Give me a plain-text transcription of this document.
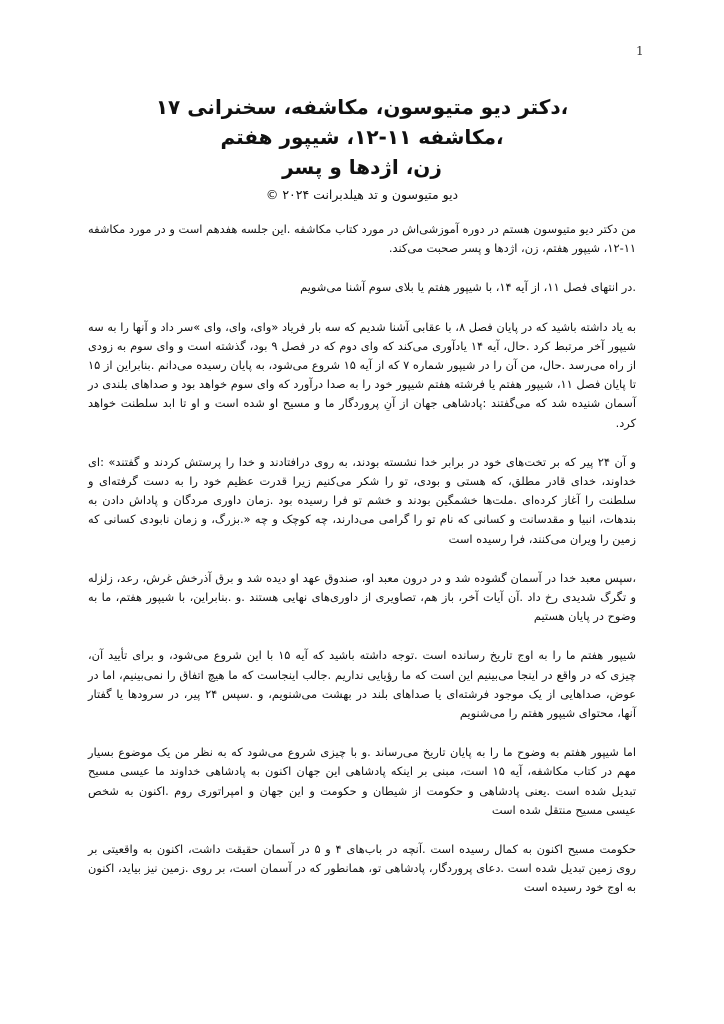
1
،دکتر دیو متیوسون، مکاشفه، سخنرانی ۱۷
،مکاشفه ۱۱-۱۲، شیپور هفتم
زن، اژدها و پسر
دیو متیوسون و تد هیلدبرانت ۲۰۲۴ ©

من دکتر دیو متیوسون هستم در دوره آموزشی‌اش در مورد کتاب مکاشفه .این جلسه هفدهم است و در مورد مکاشفه ۱۱-۱۲، شیپور هفتم، زن، اژدها و پسر صحبت می‌کند.

.در انتهای فصل ۱۱، از آیه ۱۴، با شیپور هفتم یا بلای سوم آشنا می‌شویم

به یاد داشته باشید که در پایان فصل ۸، با عقابی آشنا شدیم که سه بار فریاد «وای، وای، وای »سر داد و آنها را به سه شیپور آخر مرتبط کرد .حال، آیه ۱۴ یادآوری می‌کند که وای دوم که در فصل ۹ بود، گذشته است و وای سوم به زودی از راه می‌رسد .حال، من آن را در شیپور شماره ۷ که از آیه ۱۵ شروع می‌شود، به پایان رسیده می‌دانم .بنابراین از ۱۵ تا پایان فصل ۱۱، شیپور هفتم یا فرشته هفتم شیپور خود را به صدا درآورد که وای سوم خواهد بود و صداهای بلندی در آسمان شنیده شد که می‌گفتند :پادشاهی جهان از آنِ پروردگار ما و مسیح او شده است و او تا ابد سلطنت خواهد کرد.

و آن ۲۴ پیر که بر تخت‌های خود در برابر خدا نشسته بودند، به روی درافتادند و خدا را پرستش کردند و گفتند» :ای خداوند، خدای قادر مطلق، که هستی و بودی، تو را شکر می‌کنیم زیرا قدرت عظیم خود را به دست گرفته‌ای و سلطنت را آغاز کرده‌ای .ملت‌ها خشمگین بودند و خشم تو فرا رسیده بود .زمان داوری مردگان و پاداش دادن به بندهات، انبیا و مقدسانت و کسانی که نام تو را گرامی می‌دارند، چه کوچک و چه «.بزرگ، و زمان نابودی کسانی که زمین را ویران می‌کنند، فرا رسیده است

،سپس معبد خدا در آسمان گشوده شد و در درون معبد او، صندوق عهد او دیده شد و برق آذرخش غرش، رعد، زلزله و تگرگ شدیدی رخ داد .آن آیات آخر، باز هم، تصاویری از داوری‌های نهایی هستند .و .بنابراین، با شیپور هفتم، ما به وضوح در پایان هستیم

شیپور هفتم ما را به اوج تاریخ رسانده است .توجه داشته باشید که آیه ۱۵ با این شروع می‌شود، و برای تأیید آن، چیزی که در واقع در اینجا می‌بینیم این است که ما رؤیایی نداریم .جالب اینجاست که ما هیچ اتفاق را نمی‌بینیم، اما در عوض، صداهایی از یک موجود فرشته‌ای یا صداهای بلند در بهشت می‌شنویم، و .سپس ۲۴ پیر، در سرودها یا گفتار آنها، محتوای شیپور هفتم را می‌شنویم

اما شیپور هفتم به وضوح ما را به پایان تاریخ می‌رساند .و با چیزی شروع می‌شود که به نظر من یک موضوع بسیار مهم در کتاب مکاشفه، آیه ۱۵ است، مبنی بر اینکه پادشاهی این جهان اکنون به پادشاهی خداوند ما عیسی مسیح تبدیل شده است .یعنی پادشاهی و حکومت از شیطان و حکومت و این جهان و امپراتوری روم .اکنون به شخص عیسی مسیح منتقل شده است

حکومت مسیح اکنون به کمال رسیده است .آنچه در باب‌های ۴ و ۵ در آسمان حقیقت داشت، اکنون به واقعیتی بر روی زمین تبدیل شده است .دعای پروردگار، پادشاهی تو، همانطور که در آسمان است، بر روی .زمین نیز بیاید، اکنون به اوج خود رسیده است
